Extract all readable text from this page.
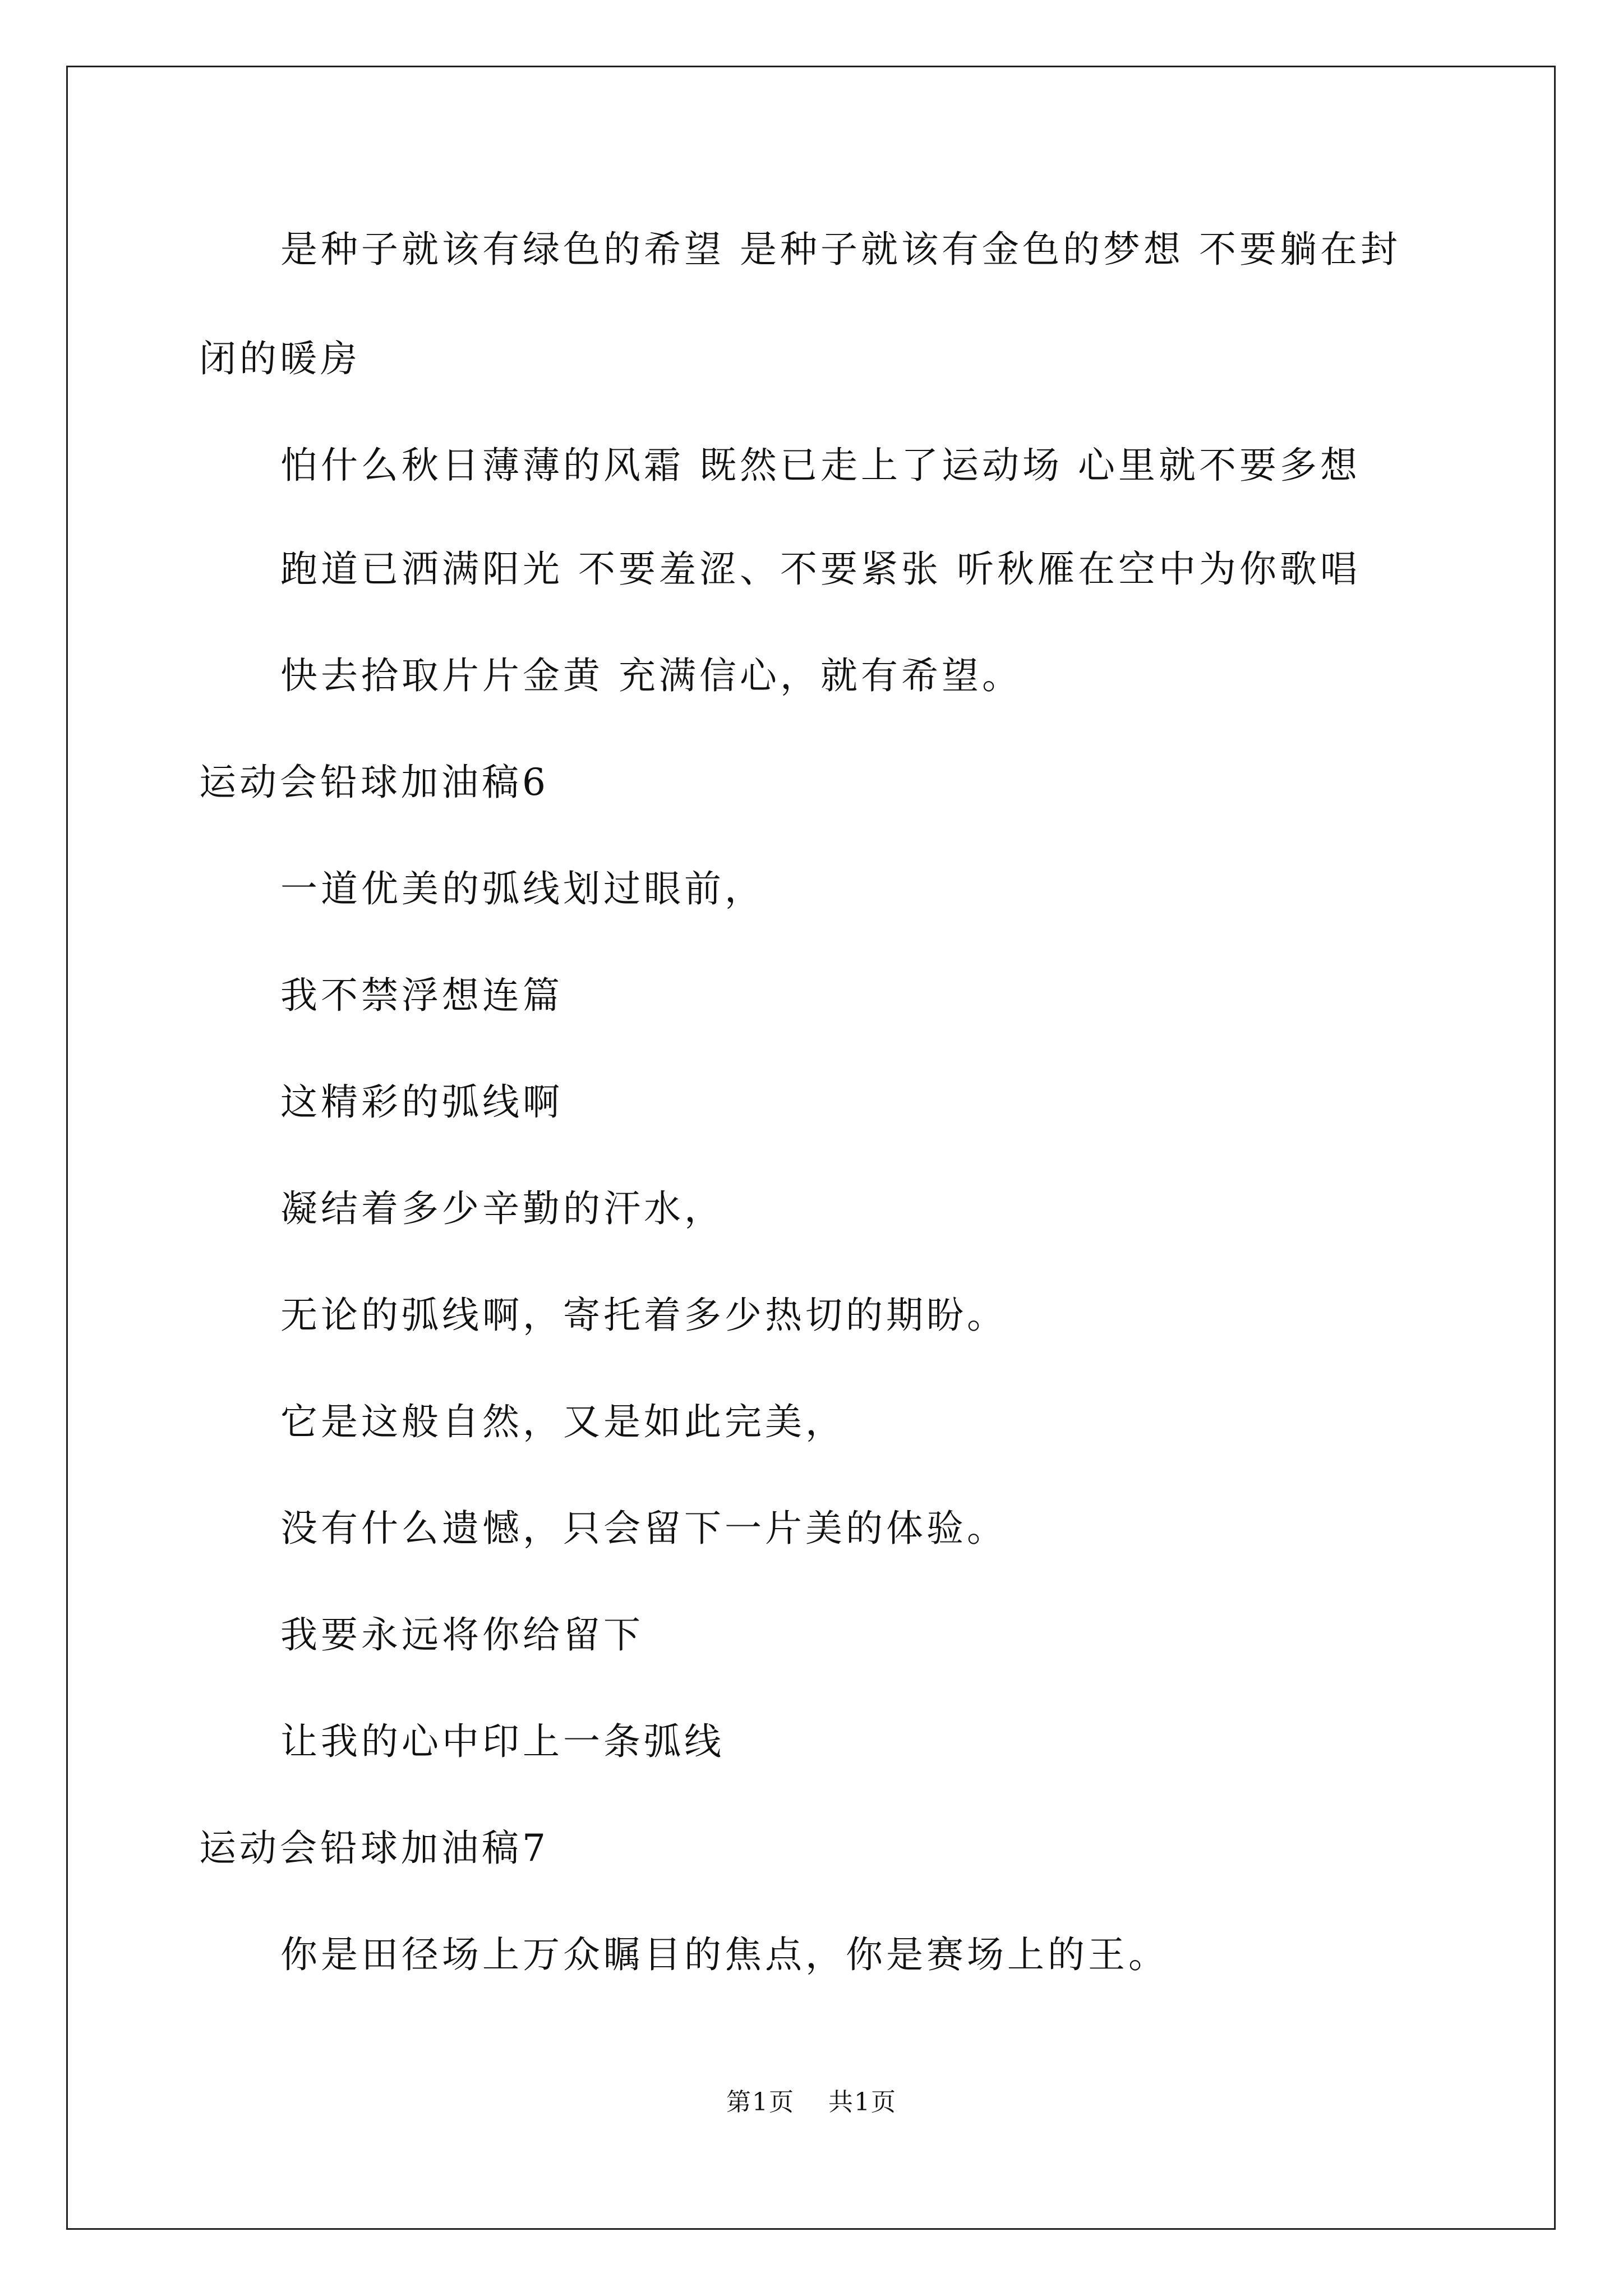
是种子就该有绿色的希望 是种子就该有金色的梦想 不要躺在封
闭的暖房
怕什么秋日薄薄的风霜 既然已走上了运动场 心里就不要多想
跑道已洒满阳光 不要羞涩、不要紧张 听秋雁在空中为你歌唱
快去拾取片片金黄 充满信心，就有希望。
运动会铅球加油稿6
一道优美的弧线划过眼前，
我不禁浮想连篇
这精彩的弧线啊
凝结着多少辛勤的汗水，
无论的弧线啊，寄托着多少热切的期盼。
它是这般自然，又是如此完美，
没有什么遗憾，只会留下一片美的体验。
我要永远将你给留下
让我的心中印上一条弧线
运动会铅球加油稿7
你是田径场上万众瞩目的焦点，你是赛场上的王。
第1页 共1页
